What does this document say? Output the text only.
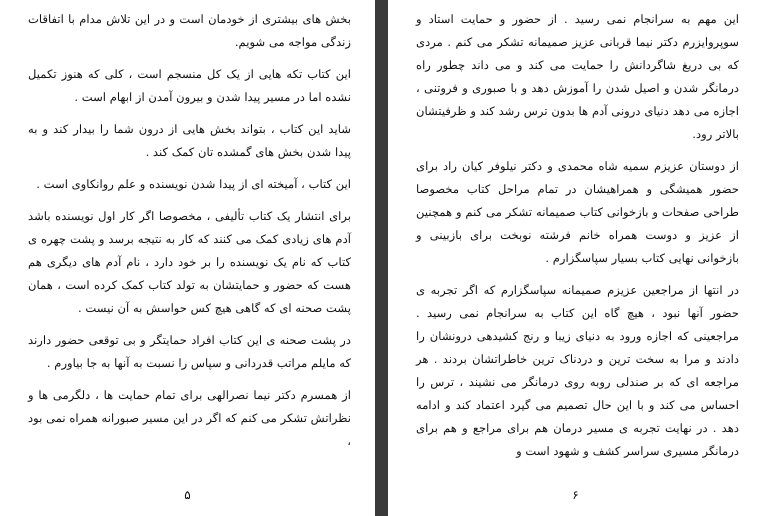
بخش های بیشتری از خودمان است و در این تلاش مدام با اتفاقات زندگی مواجه می شویم.

این کتاب تکه هایی از یک کل منسجم است ، کلی که هنوز تکمیل نشده اما در مسیر پیدا شدن و بیرون آمدن از ابهام است .

شاید این کتاب ، بتواند بخش هایی از درون شما را بیدار کند و به پیدا شدن بخش های گمشده تان کمک کند .

این کتاب ، آمیخته ای از پیدا شدن نویسنده و علم روانکاوی است .

برای انتشار یک کتاب تألیفی ، مخصوصا اگر کار اول نویسنده باشد آدم های زیادی کمک می کنند که کار به نتیجه برسد و پشت چهره ی کتاب که نام یک نویسنده را بر خود دارد ، نام آدم های دیگری هم هست که حضور و حمایتشان به تولد کتاب کمک کرده است ، همان پشت صحنه ای که گاهی هیچ کس حواسش به آن نیست .

در پشت صحنه ی این کتاب افراد حمایتگر و بی توقعی حضور دارند که مایلم مراتب قدردانی و سپاس را نسبت به آنها به جا بیاورم .

از همسرم دکتر نیما نصرالهی برای تمام حمایت ها ، دلگرمی ها و نظراتش تشکر می کنم که اگر در این مسیر صبورانه همراه نمی بود ،

۵

این مهم به سرانجام نمی رسید . از حضور و حمایت استاد و سوپروایزرم دکتر نیما قربانی عزیز صمیمانه تشکر می کنم . مردی که بی دریغ شاگردانش را حمایت می کند و می داند چطور راه درمانگر شدن و اصیل شدن را آموزش دهد و با صبوری و فروتنی ، اجازه می دهد دنیای درونی آدم ها بدون ترس رشد کند و ظرفیتشان بالاتر رود.

از دوستان عزیزم سمیه شاه محمدی و دکتر نیلوفر کیان راد برای حضور همیشگی و همراهیشان در تمام مراحل کتاب مخصوصا طراحی صفحات و بازخوانی کتاب صمیمانه تشکر می کنم و همچنین از عزیز و دوست همراه خانم فرشته نوبخت برای بازبینی و بازخوانی نهایی کتاب بسیار سپاسگزارم .

در انتها از مراجعین عزیزم صمیمانه سپاسگزارم که اگر تجربه ی حضور آنها نبود ، هیچ گاه این کتاب به سرانجام نمی رسید . مراجعینی که اجازه ورود به دنیای زیبا و رنج کشیدهی درونشان را دادند و مرا به سخت ترین و دردناک ترین خاطراتشان بردند . هر مراجعه ای که بر صندلی روبه روی درمانگر می نشیند ، ترس را احساس می کند و با این حال تصمیم می گیرد اعتماد کند و ادامه دهد . در نهایت تجربه ی مسیر درمان هم برای مراجع و هم برای درمانگر مسیری سراسر کشف و شهود است و

۶
